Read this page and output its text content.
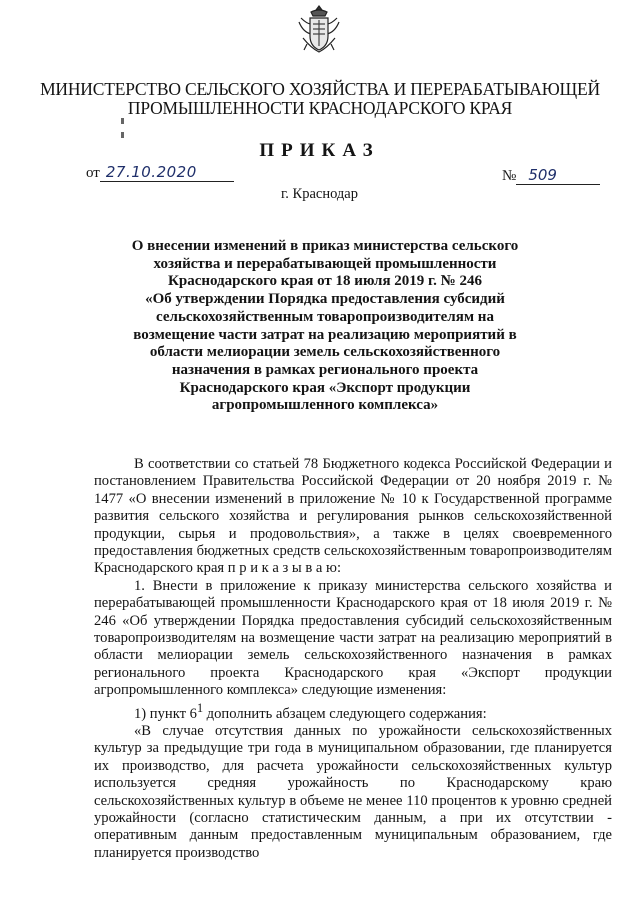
МИНИСТЕРСТВО СЕЛЬСКОГО ХОЗЯЙСТВА И ПЕРЕРАБАТЫВАЮЩЕЙ
ПРОМЫШЛЕННОСТИ КРАСНОДАРСКОГО КРАЯ
ПРИКАЗ
от 27.10.2020	№ 509
г. Краснодар
О внесении изменений в приказ министерства сельского
хозяйства и перерабатывающей промышленности
Краснодарского края от 18 июля 2019 г. № 246
«Об утверждении Порядка предоставления субсидий
сельскохозяйственным товаропроизводителям на
возмещение части затрат на реализацию мероприятий в
области мелиорации земель сельскохозяйственного
назначения в рамках регионального проекта
Краснодарского края «Экспорт продукции
агропромышленного комплекса»

В соответствии со статьей 78 Бюджетного кодекса Российской Федерации и постановлением Правительства Российской Федерации от 20 ноября 2019 г. № 1477 «О внесении изменений в приложение № 10 к Государственной программе развития сельского хозяйства и регулирования рынков сельскохозяйственной продукции, сырья и продовольствия», а также в целях своевременного предоставления бюджетных средств сельскохозяйственным товаропроизводителям Краснодарского края п р и к а з ы в а ю:

1. Внести в приложение к приказу министерства сельского хозяйства и перерабатывающей промышленности Краснодарского края от 18 июля 2019 г. № 246 «Об утверждении Порядка предоставления субсидий сельскохозяйственным товаропроизводителям на возмещение части затрат на реализацию мероприятий в области мелиорации земель сельскохозяйственного назначения в рамках регионального проекта Краснодарского края «Экспорт продукции агропромышленного комплекса» следующие изменения:

1) пункт $6^1$ дополнить абзацем следующего содержания:

«В случае отсутствия данных по урожайности сельскохозяйственных культур за предыдущие три года в муниципальном образовании, где планируется их производство, для расчета урожайности сельскохозяйственных культур используется средняя урожайность по Краснодарскому краю сельскохозяйственных культур в объеме не менее 110 процентов к уровню средней урожайности (согласно статистическим данным, а при их отсутствии - оперативным данным предоставленным муниципальным образованием, где планируется производство
